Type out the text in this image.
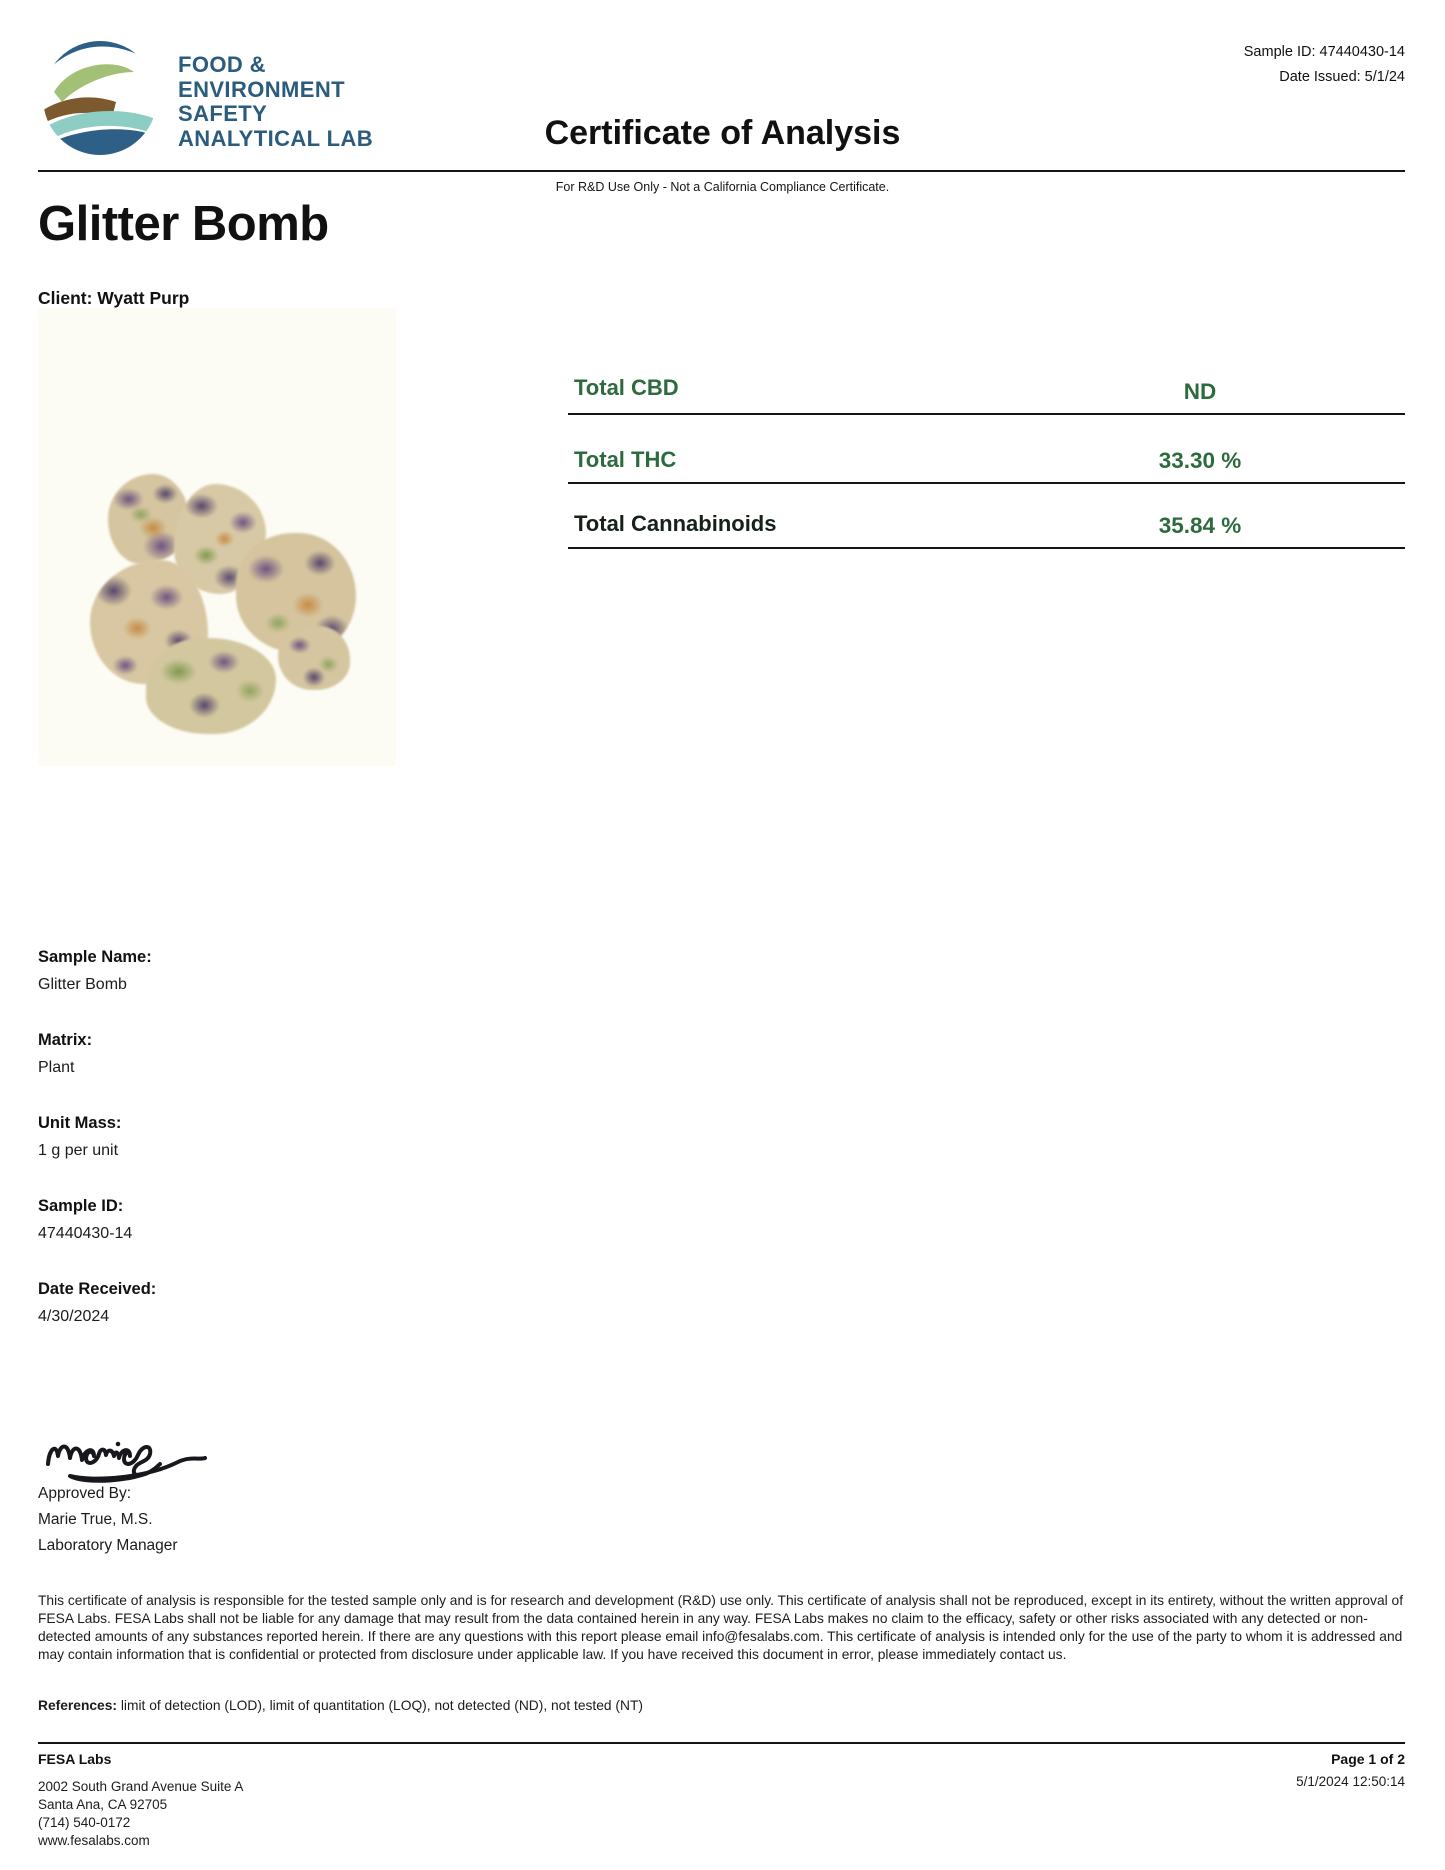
FOOD &
ENVIRONMENT
SAFETY
ANALYTICAL LAB
Sample ID: 47440430-14
Date Issued: 5/1/24
Certificate of Analysis
For R&D Use Only - Not a California Compliance Certificate.
Glitter Bomb
Client: Wyatt Purp
Total CBD	ND
Total THC	33.30 %
Total Cannabinoids	35.84 %
Sample Name:
Glitter Bomb
Matrix:
Plant
Unit Mass:
1 g per unit
Sample ID:
47440430-14
Date Received:
4/30/2024
Approved By:
Marie True, M.S.
Laboratory Manager
This certificate of analysis is responsible for the tested sample only and is for research and development (R&D) use only. This certificate of analysis shall not be reproduced, except in its entirety, without the written approval of FESA Labs. FESA Labs shall not be liable for any damage that may result from the data contained herein in any way. FESA Labs makes no claim to the efficacy, safety or other risks associated with any detected or non-detected amounts of any substances reported herein. If there are any questions with this report please email info@fesalabs.com. This certificate of analysis is intended only for the use of the party to whom it is addressed and may contain information that is confidential or protected from disclosure under applicable law. If you have received this document in error, please immediately contact us.
References: limit of detection (LOD), limit of quantitation (LOQ), not detected (ND), not tested (NT)
FESA Labs
2002 South Grand Avenue Suite A
Santa Ana, CA 92705
(714) 540-0172
www.fesalabs.com
Page 1 of 2
5/1/2024 12:50:14
